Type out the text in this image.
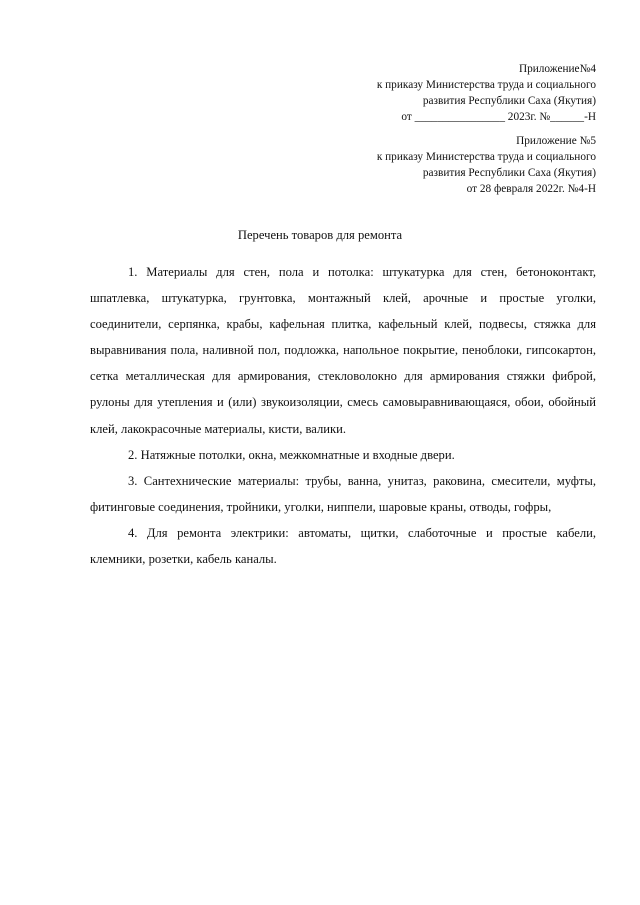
Приложение№4
к приказу Министерства труда и социального
развития Республики Саха (Якутия)
от ________________ 2023г. №______-Н
Приложение №5
к приказу Министерства труда и социального
развития Республики Саха (Якутия)
от 28 февраля 2022г. №4-Н
Перечень товаров для ремонта

1. Материалы для стен, пола и потолка: штукатурка для стен, бетоноконтакт, шпатлевка, штукатурка, грунтовка, монтажный клей, арочные и простые уголки, соединители, серпянка, крабы, кафельная плитка, кафельный клей, подвесы, стяжка для выравнивания пола, наливной пол, подложка, напольное покрытие, пеноблоки, гипсокартон, сетка металлическая для армирования, стекловолокно для армирования стяжки фиброй, рулоны для утепления и (или) звукоизоляции, смесь самовыравнивающаяся, обои, обойный клей, лакокрасочные материалы, кисти, валики.

2. Натяжные потолки, окна, межкомнатные и входные двери.

3. Сантехнические материалы: трубы, ванна, унитаз, раковина, смесители, муфты, фитинговые соединения, тройники, уголки, ниппели, шаровые краны, отводы, гофры,

4. Для ремонта электрики: автоматы, щитки, слаботочные и простые кабели, клемники, розетки, кабель каналы.
